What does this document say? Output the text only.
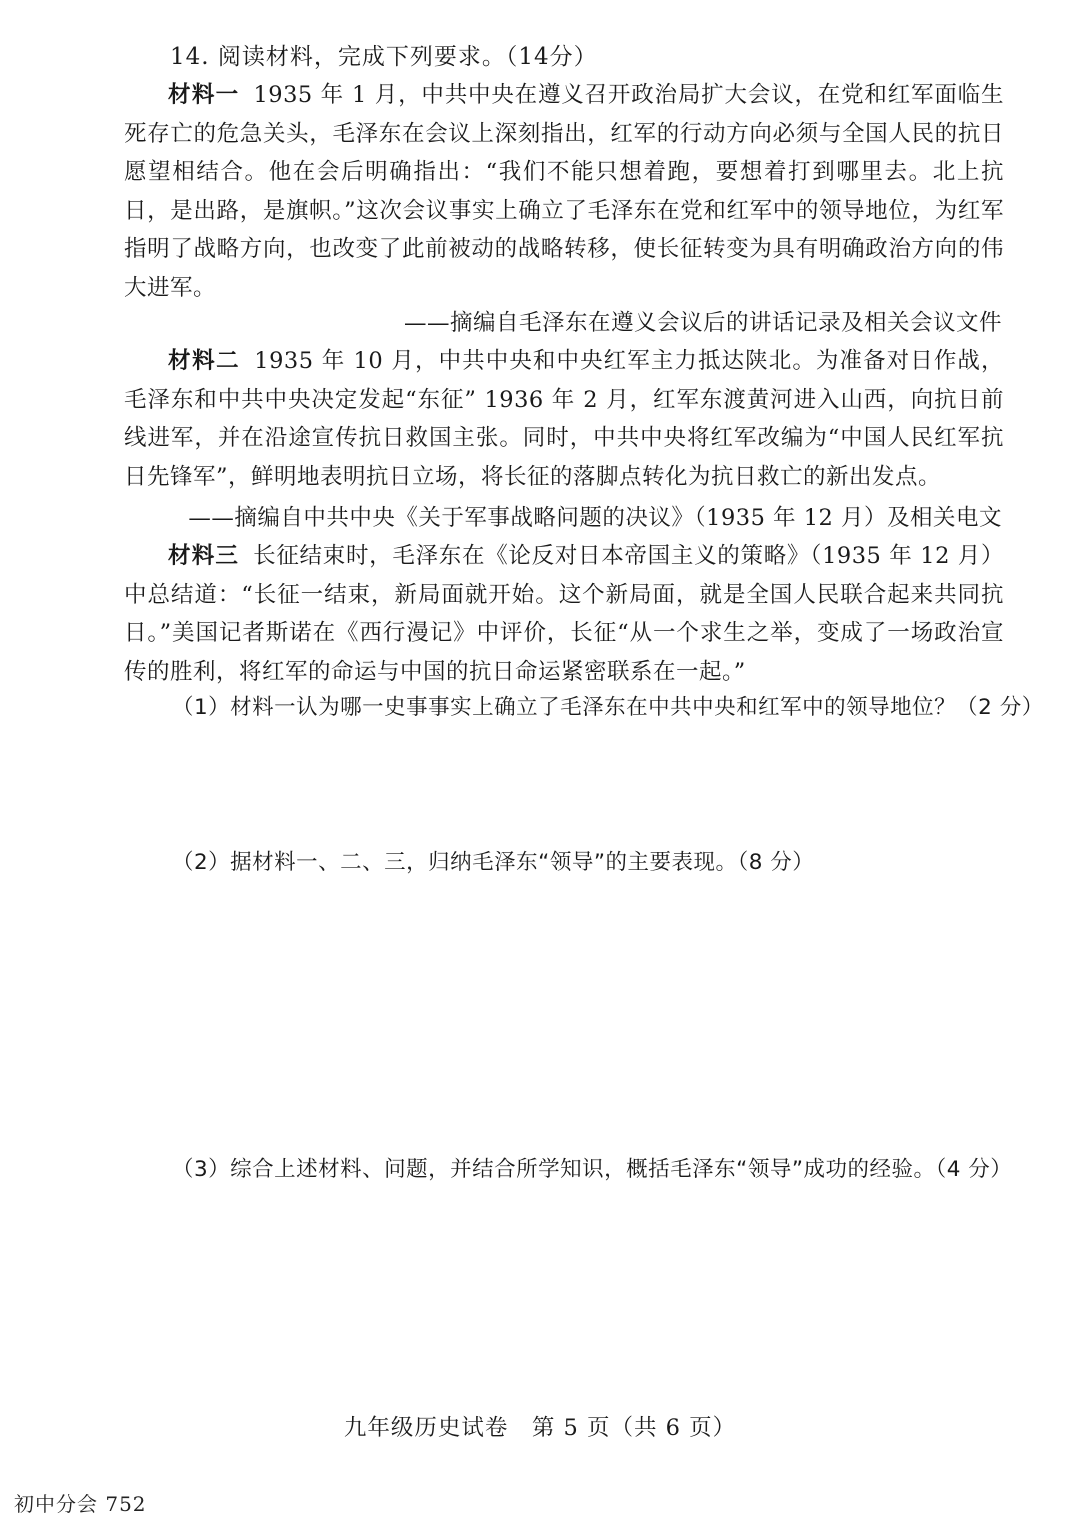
14. 阅读材料，完成下列要求。（14分）
材料一 1935 年 1 月，中共中央在遵义召开政治局扩大会议，在党和红军面临生死存亡的危急关头，毛泽东在会议上深刻指出，红军的行动方向必须与全国人民的抗日愿望相结合。他在会后明确指出：“我们不能只想着跑，要想着打到哪里去。北上抗日，是出路，是旗帜。”这次会议事实上确立了毛泽东在党和红军中的领导地位，为红军指明了战略方向，也改变了此前被动的战略转移，使长征转变为具有明确政治方向的伟大进军。
——摘编自毛泽东在遵义会议后的讲话记录及相关会议文件
材料二 1935 年 10 月，中共中央和中央红军主力抵达陕北。为准备对日作战，毛泽东和中共中央决定发起“东征” 1936 年 2 月，红军东渡黄河进入山西，向抗日前线进军，并在沿途宣传抗日救国主张。同时，中共中央将红军改编为“中国人民红军抗日先锋军”，鲜明地表明抗日立场，将长征的落脚点转化为抗日救亡的新出发点。
——摘编自中共中央《关于军事战略问题的决议》（1935 年 12 月）及相关电文
材料三 长征结束时，毛泽东在《论反对日本帝国主义的策略》（1935 年 12 月）中总结道：“长征一结束，新局面就开始。这个新局面，就是全国人民联合起来共同抗日。”美国记者斯诺在《西行漫记》中评价，长征“从一个求生之举，变成了一场政治宣传的胜利，将红军的命运与中国的抗日命运紧密联系在一起。”
（1）材料一认为哪一史事事实上确立了毛泽东在中共中央和红军中的领导地位？（2 分）
（2）据材料一、二、三，归纳毛泽东“领导”的主要表现。（8 分）
（3）综合上述材料、问题，并结合所学知识，概括毛泽东“领导”成功的经验。（4 分）
九年级历史试卷　第 5 页（共 6 页）
初中分会 752
